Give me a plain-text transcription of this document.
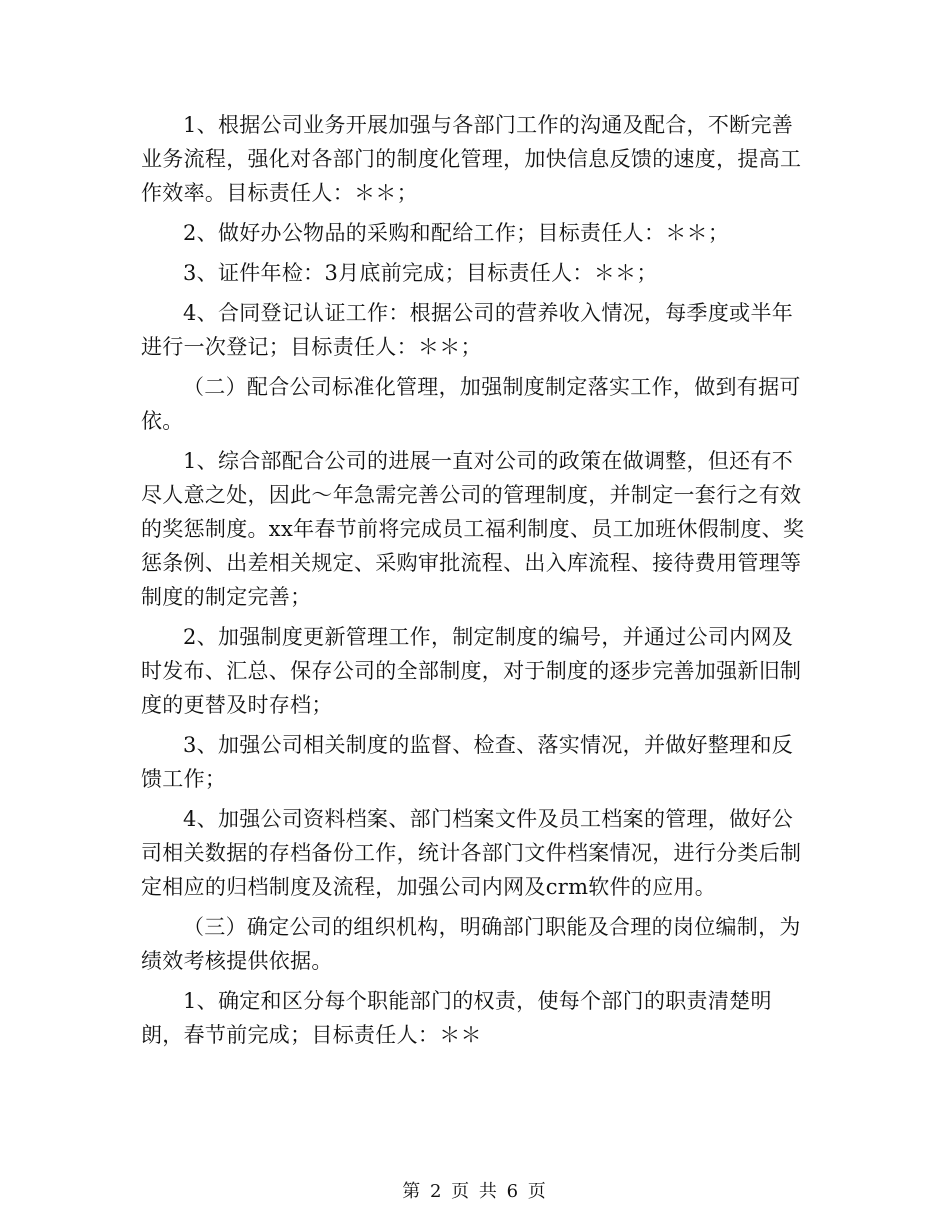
1、根据公司业务开展加强与各部门工作的沟通及配合，不断完善业务流程，强化对各部门的制度化管理，加快信息反馈的速度，提高工作效率。目标责任人：＊＊；

2、做好办公物品的采购和配给工作；目标责任人：＊＊；

3、证件年检：3月底前完成；目标责任人：＊＊；

4、合同登记认证工作：根据公司的营养收入情况，每季度或半年进行一次登记；目标责任人：＊＊；

（二）配合公司标准化管理，加强制度制定落实工作，做到有据可依。

1、综合部配合公司的进展一直对公司的政策在做调整，但还有不尽人意之处，因此～年急需完善公司的管理制度，并制定一套行之有效的奖惩制度。xx年春节前将完成员工福利制度、员工加班休假制度、奖惩条例、出差相关规定、采购审批流程、出入库流程、接待费用管理等制度的制定完善；

2、加强制度更新管理工作，制定制度的编号，并通过公司内网及时发布、汇总、保存公司的全部制度，对于制度的逐步完善加强新旧制度的更替及时存档；

3、加强公司相关制度的监督、检查、落实情况，并做好整理和反馈工作；

4、加强公司资料档案、部门档案文件及员工档案的管理，做好公司相关数据的存档备份工作，统计各部门文件档案情况，进行分类后制定相应的归档制度及流程，加强公司内网及crm软件的应用。

（三）确定公司的组织机构，明确部门职能及合理的岗位编制，为绩效考核提供依据。

1、确定和区分每个职能部门的权责，使每个部门的职责清楚明朗，春节前完成；目标责任人：＊＊

第 2 页 共 6 页
